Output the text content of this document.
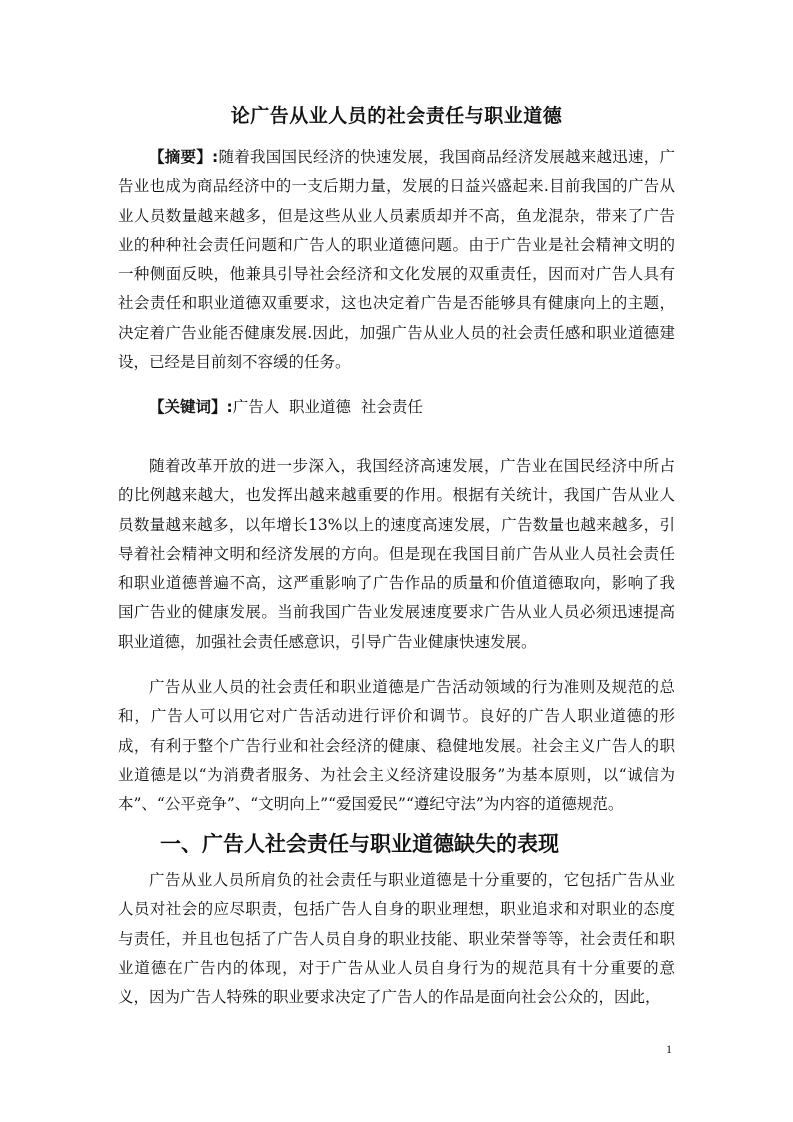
论广告从业人员的社会责任与职业道德
【摘要】:随着我国国民经济的快速发展，我国商品经济发展越来越迅速，广告业也成为商品经济中的一支后期力量，发展的日益兴盛起来.目前我国的广告从业人员数量越来越多，但是这些从业人员素质却并不高，鱼龙混杂，带来了广告业的种种社会责任问题和广告人的职业道德问题。由于广告业是社会精神文明的一种侧面反映，他兼具引导社会经济和文化发展的双重责任，因而对广告人具有社会责任和职业道德双重要求，这也决定着广告是否能够具有健康向上的主题，决定着广告业能否健康发展.因此，加强广告从业人员的社会责任感和职业道德建设，已经是目前刻不容缓的任务。
【关键词】:广告人  职业道德  社会责任
随着改革开放的进一步深入，我国经济高速发展，广告业在国民经济中所占的比例越来越大，也发挥出越来越重要的作用。根据有关统计，我国广告从业人员数量越来越多，以年增长13%以上的速度高速发展，广告数量也越来越多，引导着社会精神文明和经济发展的方向。但是现在我国目前广告从业人员社会责任和职业道德普遍不高，这严重影响了广告作品的质量和价值道德取向，影响了我国广告业的健康发展。当前我国广告业发展速度要求广告从业人员必须迅速提高职业道德，加强社会责任感意识，引导广告业健康快速发展。
广告从业人员的社会责任和职业道德是广告活动领域的行为准则及规范的总和，广告人可以用它对广告活动进行评价和调节。良好的广告人职业道德的形成，有利于整个广告行业和社会经济的健康、稳健地发展。社会主义广告人的职业道德是以“为消费者服务、为社会主义经济建设服务”为基本原则，以“诚信为本”、“公平竞争”、“文明向上”“爱国爱民”“遵纪守法”为内容的道德规范。
一、广告人社会责任与职业道德缺失的表现
广告从业人员所肩负的社会责任与职业道德是十分重要的，它包括广告从业人员对社会的应尽职责，包括广告人自身的职业理想，职业追求和对职业的态度与责任，并且也包括了广告人员自身的职业技能、职业荣誉等等，社会责任和职业道德在广告内的体现，对于广告从业人员自身行为的规范具有十分重要的意义，因为广告人特殊的职业要求决定了广告人的作品是面向社会公众的，因此，
1
